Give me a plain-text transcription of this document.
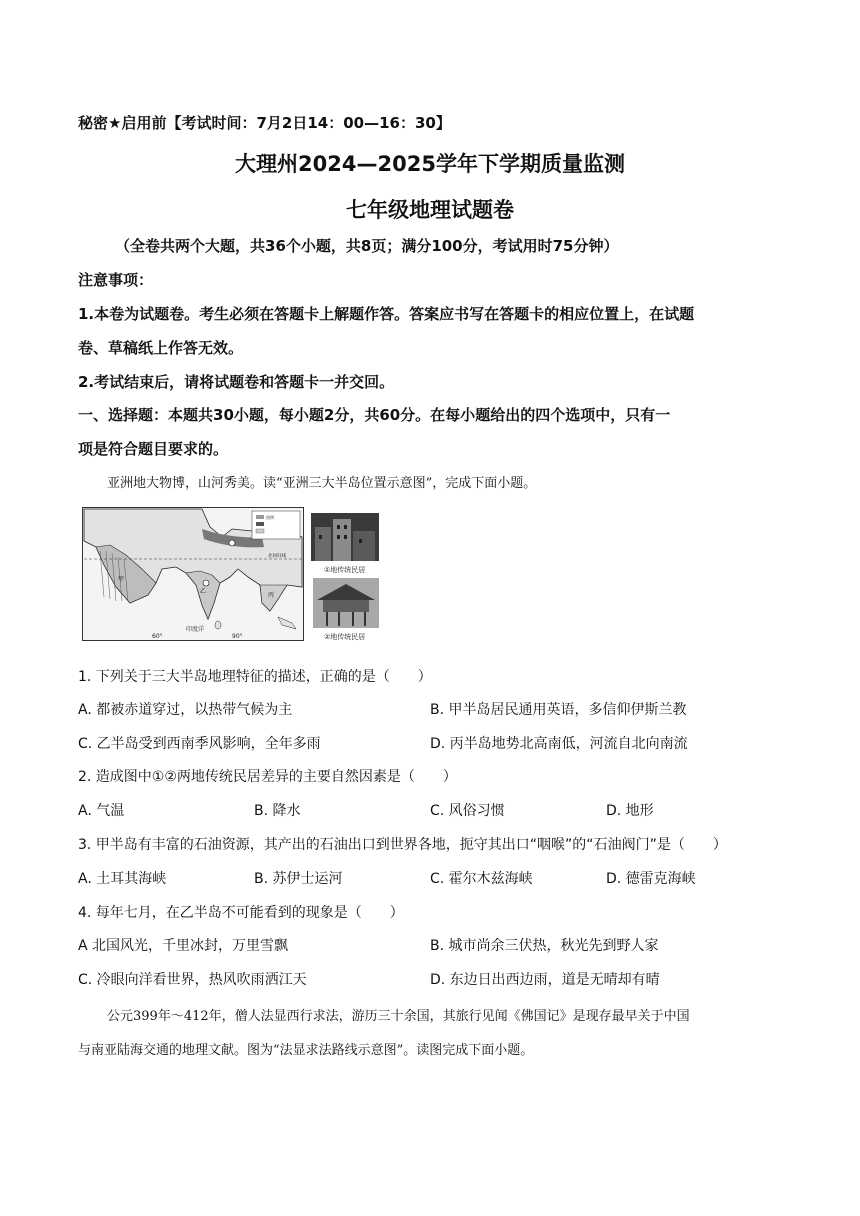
秘密★启用前【考试时间：7月2日14：00—16：30】
大理州2024—2025学年下学期质量监测
七年级地理试题卷
（全卷共两个大题，共36个小题，共8页；满分100分，考试用时75分钟）
注意事项：
1.本卷为试题卷。考生必须在答题卡上解题作答。答案应书写在答题卡的相应位置上，在试题
卷、草稿纸上作答无效。
2.考试结束后，请将试题卷和答题卡一并交回。
一、选择题：本题共30小题，每小题2分，共60分。在每小题给出的四个选项中，只有一
项是符合题目要求的。
亚洲地大物博，山河秀美。读“亚洲三大半岛位置示意图”，完成下面小题。
图例
60°	90°
印度洋
甲
乙
丙
北回归线
①地传统民居
②地传统民居
1. 下列关于三大半岛地理特征的描述，正确的是（　　）
A. 都被赤道穿过，以热带气候为主	B. 甲半岛居民通用英语，多信仰伊斯兰教
C. 乙半岛受到西南季风影响，全年多雨	D. 丙半岛地势北高南低，河流自北向南流
2. 造成图中①②两地传统民居差异的主要自然因素是（　　）
A. 气温	B. 降水	C. 风俗习惯	D. 地形
3. 甲半岛有丰富的石油资源，其产出的石油出口到世界各地，扼守其出口“咽喉”的“石油阀门”是（　　）
A. 土耳其海峡	B. 苏伊士运河	C. 霍尔木兹海峡	D. 德雷克海峡
4. 每年七月，在乙半岛不可能看到的现象是（　　）
A 北国风光，千里冰封，万里雪飘	B. 城市尚余三伏热，秋光先到野人家
C. 冷眼向洋看世界，热风吹雨洒江天	D. 东边日出西边雨，道是无晴却有晴
公元399年～412年，僧人法显西行求法，游历三十余国，其旅行见闻《佛国记》是现存最早关于中国
与南亚陆海交通的地理文献。图为“法显求法路线示意图”。读图完成下面小题。
